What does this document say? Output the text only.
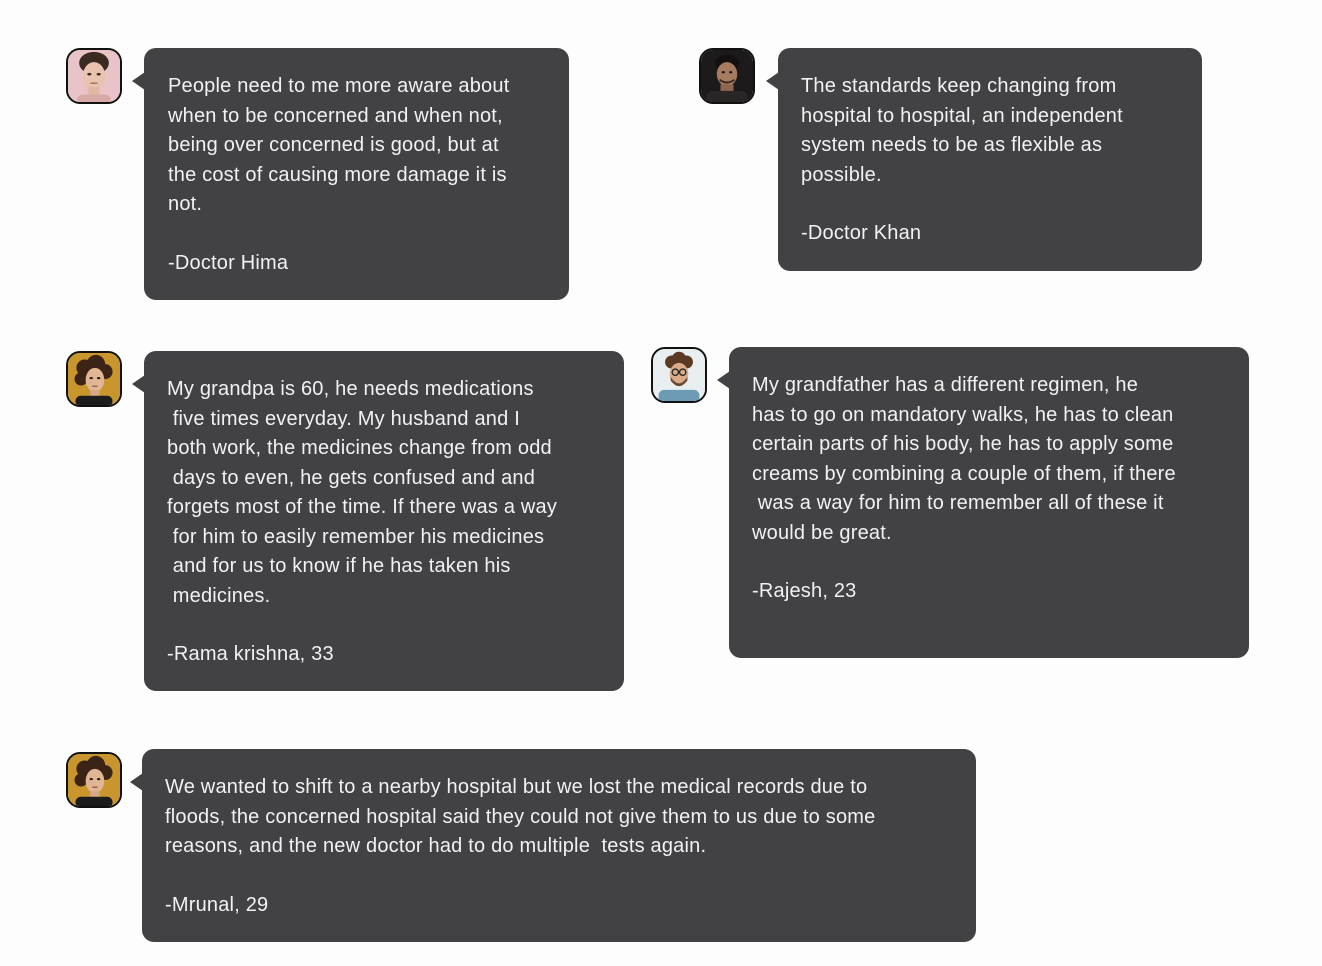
People need to me more aware about
when to be concerned and when not,
being over concerned is good, but at
the cost of causing more damage it is
not.

-Doctor Hima

The standards keep changing from
hospital to hospital, an independent
system needs to be as flexible as
possible.

-Doctor Khan

My grandpa is 60, he needs medications
five times everyday. My husband and I
both work, the medicines change from odd
days to even, he gets confused and and
forgets most of the time. If there was a way
for him to easily remember his medicines
and for us to know if he has taken his
medicines.

-Rama krishna, 33

My grandfather has a different regimen, he
has to go on mandatory walks, he has to clean
certain parts of his body, he has to apply some
creams by combining a couple of them, if there
was a way for him to remember all of these it
would be great.

-Rajesh, 23

We wanted to shift to a nearby hospital but we lost the medical records due to
floods, the concerned hospital said they could not give them to us due to some
reasons, and the new doctor had to do multiple  tests again.

-Mrunal, 29
